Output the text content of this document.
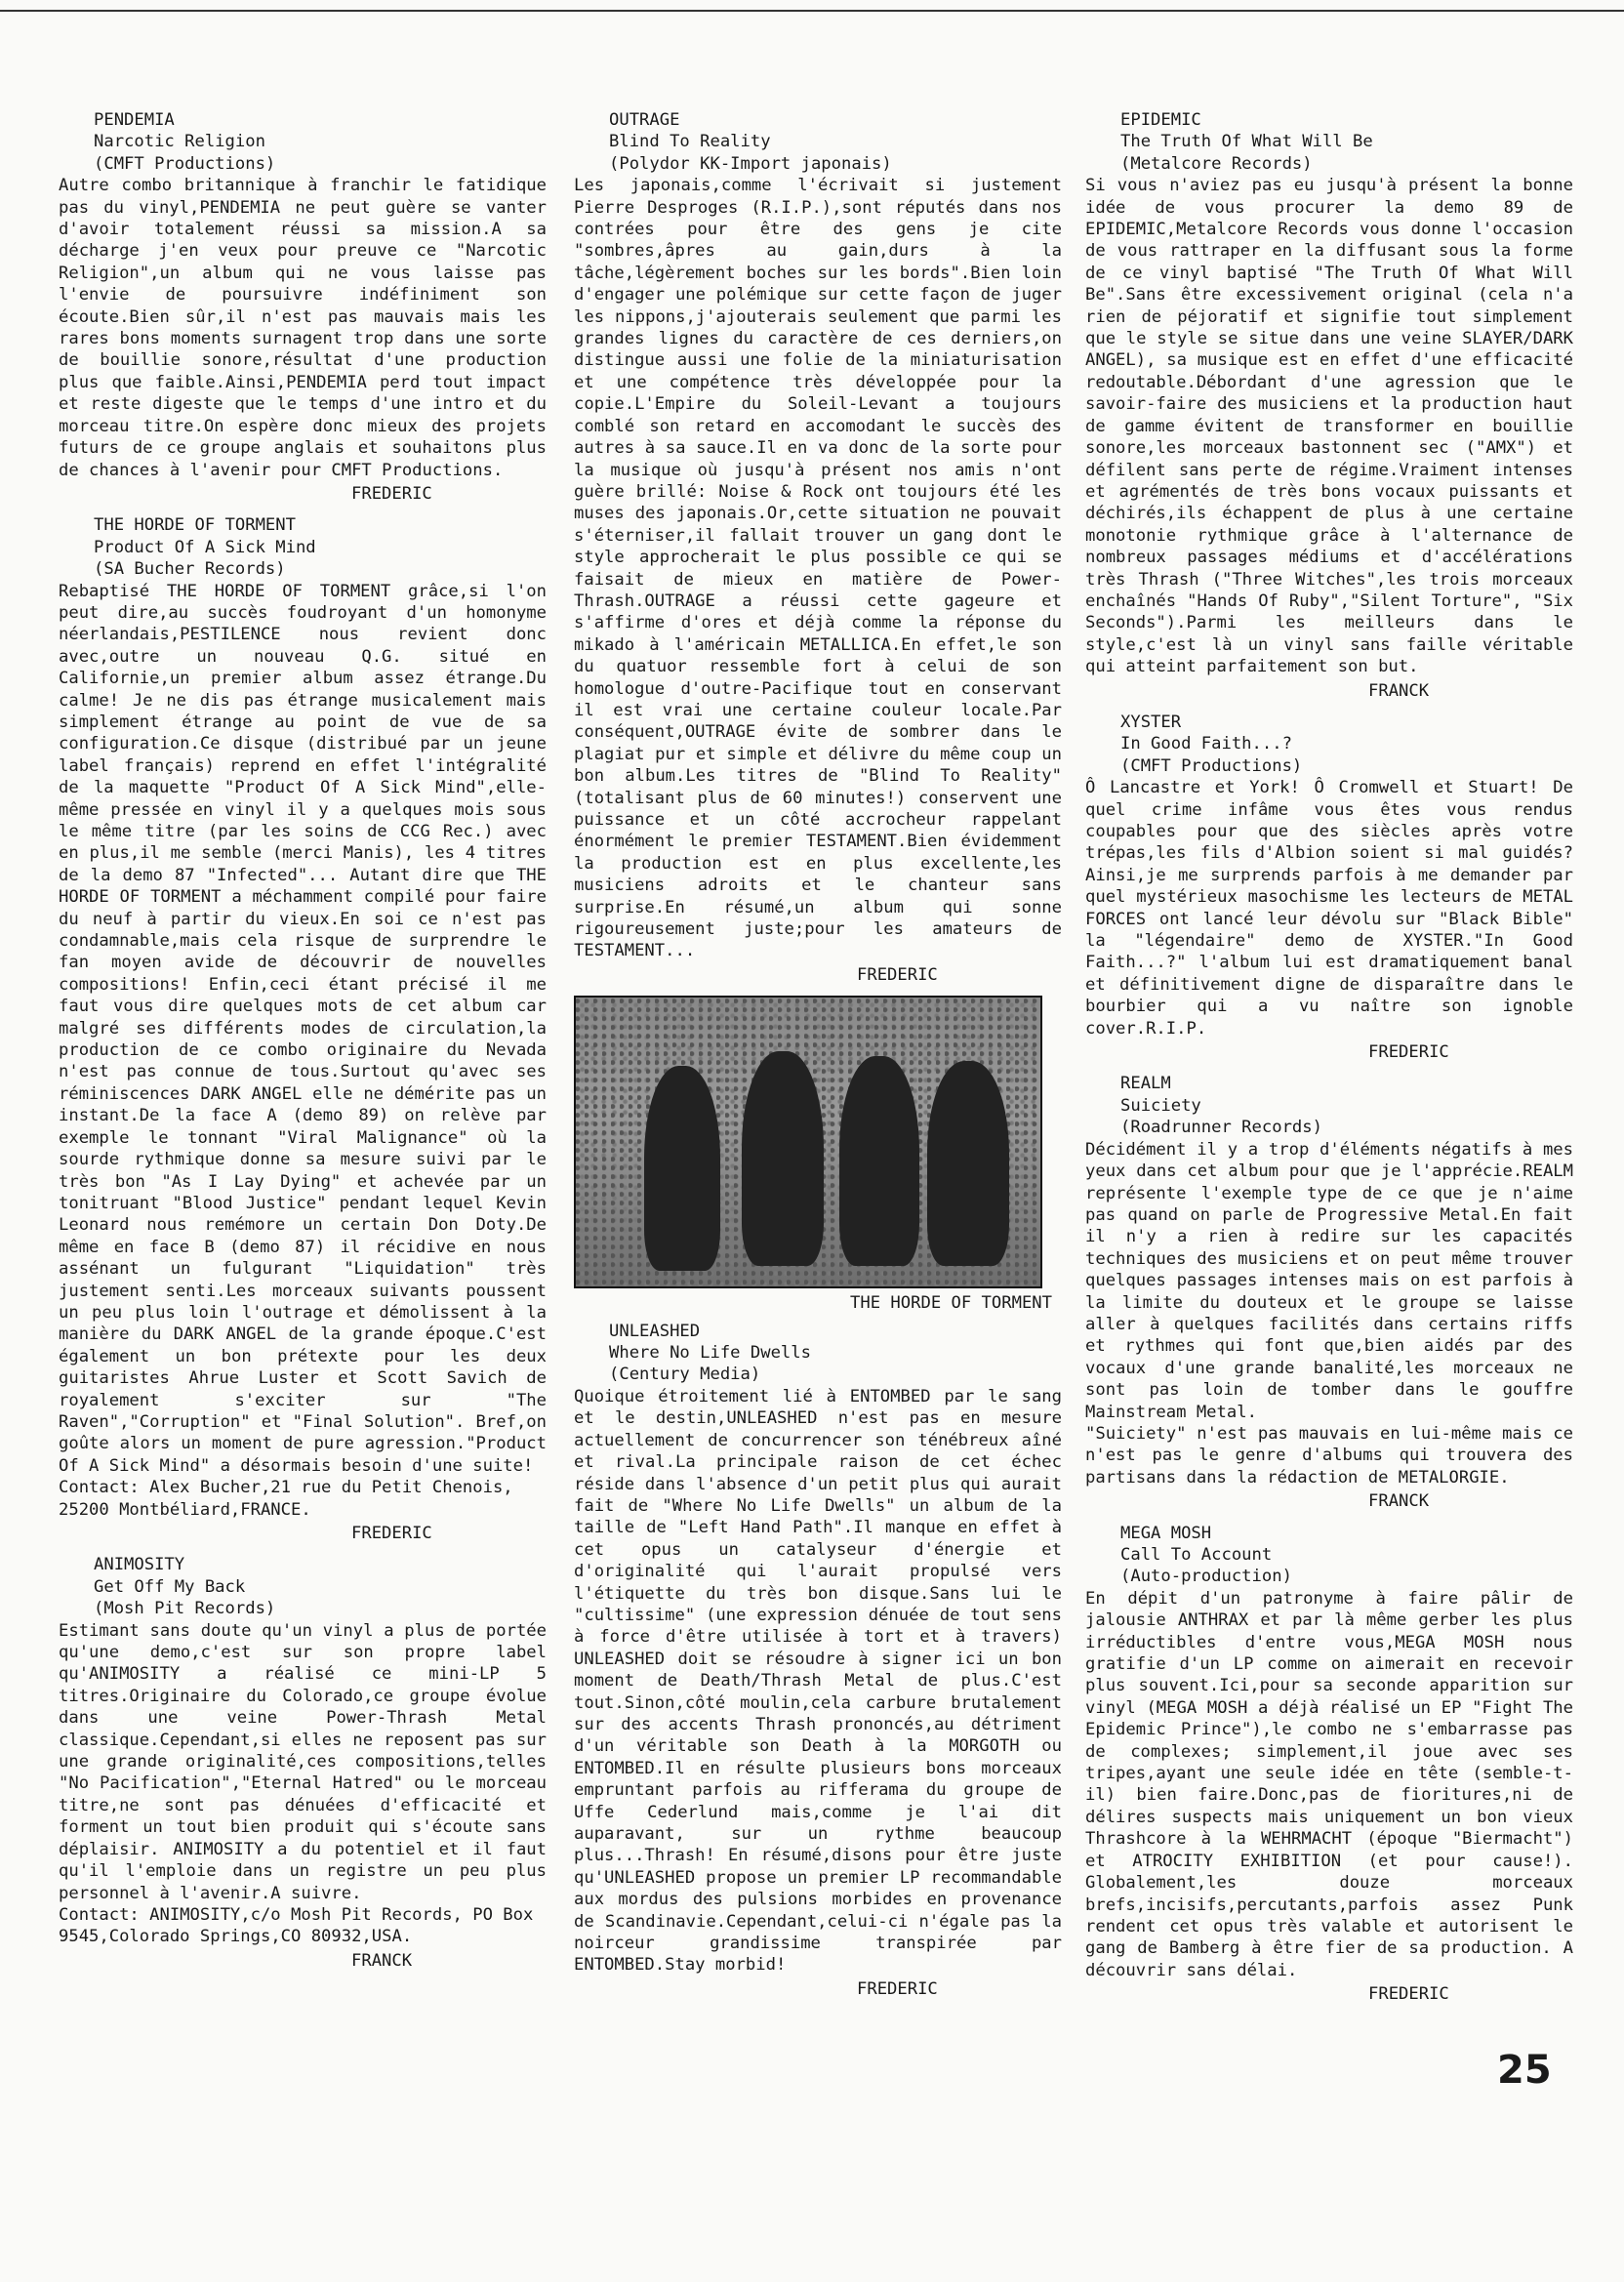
PENDEMIA
Narcotic Religion
(CMFT Productions)
Autre combo britannique à franchir le fatidique pas du vinyl,PENDEMIA ne peut guère se vanter d'avoir totalement réussi sa mission.A sa décharge j'en veux pour preuve ce "Narcotic Religion",un album qui ne vous laisse pas l'envie de poursuivre indéfiniment son écoute.Bien sûr,il n'est pas mauvais mais les rares bons moments surnagent trop dans une sorte de bouillie sonore,résultat d'une production plus que faible.Ainsi,PENDEMIA perd tout impact et reste digeste que le temps d'une intro et du morceau titre.On espère donc mieux des projets futurs de ce groupe anglais et souhaitons plus de chances à l'avenir pour CMFT Productions.
FREDERIC
THE HORDE OF TORMENT
Product Of A Sick Mind
(SA Bucher Records)
Rebaptisé THE HORDE OF TORMENT grâce,si l'on peut dire,au succès foudroyant d'un homonyme néerlandais,PESTILENCE nous revient donc avec,outre un nouveau Q.G. situé en Californie,un premier album assez étrange.Du calme! Je ne dis pas étrange musicalement mais simplement étrange au point de vue de sa configuration.Ce disque (distribué par un jeune label français) reprend en effet l'intégralité de la maquette "Product Of A Sick Mind",elle-même pressée en vinyl il y a quelques mois sous le même titre (par les soins de CCG Rec.) avec en plus,il me semble (merci Manis), les 4 titres de la demo 87 "Infected"... Autant dire que THE HORDE OF TORMENT a méchamment compilé pour faire du neuf à partir du vieux.En soi ce n'est pas condamnable,mais cela risque de surprendre le fan moyen avide de découvrir de nouvelles compositions! Enfin,ceci étant précisé il me faut vous dire quelques mots de cet album car malgré ses différents modes de circulation,la production de ce combo originaire du Nevada n'est pas connue de tous.Surtout qu'avec ses réminiscences DARK ANGEL elle ne démérite pas un instant.De la face A (demo 89) on relève par exemple le tonnant "Viral Malignance" où la sourde rythmique donne sa mesure suivi par le très bon "As I Lay Dying" et achevée par un tonitruant "Blood Justice" pendant lequel Kevin Leonard nous remémore un certain Don Doty.De même en face B (demo 87) il récidive en nous assénant un fulgurant "Liquidation" très justement senti.Les morceaux suivants poussent un peu plus loin l'outrage et démolissent à la manière du DARK ANGEL de la grande époque.C'est également un bon prétexte pour les deux guitaristes Ahrue Luster et Scott Savich de royalement s'exciter sur "The Raven","Corruption" et "Final Solution". Bref,on goûte alors un moment de pure agression."Product Of A Sick Mind" a désormais besoin d'une suite!
Contact: Alex Bucher,21 rue du Petit Chenois, 25200 Montbéliard,FRANCE.
FREDERIC
ANIMOSITY
Get Off My Back
(Mosh Pit Records)
Estimant sans doute qu'un vinyl a plus de portée qu'une demo,c'est sur son propre label qu'ANIMOSITY a réalisé ce mini-LP 5 titres.Originaire du Colorado,ce groupe évolue dans une veine Power-Thrash Metal classique.Cependant,si elles ne reposent pas sur une grande originalité,ces compositions,telles "No Pacification","Eternal Hatred" ou le morceau titre,ne sont pas dénuées d'efficacité et forment un tout bien produit qui s'écoute sans déplaisir. ANIMOSITY a du potentiel et il faut qu'il l'emploie dans un registre un peu plus personnel à l'avenir.A suivre.
Contact: ANIMOSITY,c/o Mosh Pit Records, PO Box 9545,Colorado Springs,CO 80932,USA.
FRANCK
OUTRAGE
Blind To Reality
(Polydor KK-Import japonais)
Les japonais,comme l'écrivait si justement Pierre Desproges (R.I.P.),sont réputés dans nos contrées pour être des gens je cite "sombres,âpres au gain,durs à la tâche,légèrement boches sur les bords".Bien loin d'engager une polémique sur cette façon de juger les nippons,j'ajouterais seulement que parmi les grandes lignes du caractère de ces derniers,on distingue aussi une folie de la miniaturisation et une compétence très développée pour la copie.L'Empire du Soleil-Levant a toujours comblé son retard en accomodant le succès des autres à sa sauce.Il en va donc de la sorte pour la musique où jusqu'à présent nos amis n'ont guère brillé: Noise & Rock ont toujours été les muses des japonais.Or,cette situation ne pouvait s'éterniser,il fallait trouver un gang dont le style approcherait le plus possible ce qui se faisait de mieux en matière de Power-Thrash.OUTRAGE a réussi cette gageure et s'affirme d'ores et déjà comme la réponse du mikado à l'américain METALLICA.En effet,le son du quatuor ressemble fort à celui de son homologue d'outre-Pacifique tout en conservant il est vrai une certaine couleur locale.Par conséquent,OUTRAGE évite de sombrer dans le plagiat pur et simple et délivre du même coup un bon album.Les titres de "Blind To Reality" (totalisant plus de 60 minutes!) conservent une puissance et un côté accrocheur rappelant énormément le premier TESTAMENT.Bien évidemment la production est en plus excellente,les musiciens adroits et le chanteur sans surprise.En résumé,un album qui sonne rigoureusement juste;pour les amateurs de TESTAMENT...
FREDERIC
THE HORDE OF TORMENT
UNLEASHED
Where No Life Dwells
(Century Media)
Quoique étroitement lié à ENTOMBED par le sang et le destin,UNLEASHED n'est pas en mesure actuellement de concurrencer son ténébreux aîné et rival.La principale raison de cet échec réside dans l'absence d'un petit plus qui aurait fait de "Where No Life Dwells" un album de la taille de "Left Hand Path".Il manque en effet à cet opus un catalyseur d'énergie et d'originalité qui l'aurait propulsé vers l'étiquette du très bon disque.Sans lui le "cultissime" (une expression dénuée de tout sens à force d'être utilisée à tort et à travers) UNLEASHED doit se résoudre à signer ici un bon moment de Death/Thrash Metal de plus.C'est tout.Sinon,côté moulin,cela carbure brutalement sur des accents Thrash prononcés,au détriment d'un véritable son Death à la MORGOTH ou ENTOMBED.Il en résulte plusieurs bons morceaux empruntant parfois au rifferama du groupe de Uffe Cederlund mais,comme je l'ai dit auparavant, sur un rythme beaucoup plus...Thrash! En résumé,disons pour être juste qu'UNLEASHED propose un premier LP recommandable aux mordus des pulsions morbides en provenance de Scandinavie.Cependant,celui-ci n'égale pas la noirceur grandissime transpirée par ENTOMBED.Stay morbid!
FREDERIC
EPIDEMIC
The Truth Of What Will Be
(Metalcore Records)
Si vous n'aviez pas eu jusqu'à présent la bonne idée de vous procurer la demo 89 de EPIDEMIC,Metalcore Records vous donne l'occasion de vous rattraper en la diffusant sous la forme de ce vinyl baptisé "The Truth Of What Will Be".Sans être excessivement original (cela n'a rien de péjoratif et signifie tout simplement que le style se situe dans une veine SLAYER/DARK ANGEL), sa musique est en effet d'une efficacité redoutable.Débordant d'une agression que le savoir-faire des musiciens et la production haut de gamme évitent de transformer en bouillie sonore,les morceaux bastonnent sec ("AMX") et défilent sans perte de régime.Vraiment intenses et agrémentés de très bons vocaux puissants et déchirés,ils échappent de plus à une certaine monotonie rythmique grâce à l'alternance de nombreux passages médiums et d'accélérations très Thrash ("Three Witches",les trois morceaux enchaînés "Hands Of Ruby","Silent Torture", "Six Seconds").Parmi les meilleurs dans le style,c'est là un vinyl sans faille véritable qui atteint parfaitement son but.
FRANCK
XYSTER
In Good Faith...?
(CMFT Productions)
Ô Lancastre et York! Ô Cromwell et Stuart! De quel crime infâme vous êtes vous rendus coupables pour que des siècles après votre trépas,les fils d'Albion soient si mal guidés? Ainsi,je me surprends parfois à me demander par quel mystérieux masochisme les lecteurs de METAL FORCES ont lancé leur dévolu sur "Black Bible" la "légendaire" demo de XYSTER."In Good Faith...?" l'album lui est dramatiquement banal et définitivement digne de disparaître dans le bourbier qui a vu naître son ignoble cover.R.I.P.
FREDERIC
REALM
Suiciety
(Roadrunner Records)
Décidément il y a trop d'éléments négatifs à mes yeux dans cet album pour que je l'apprécie.REALM représente l'exemple type de ce que je n'aime pas quand on parle de Progressive Metal.En fait il n'y a rien à redire sur les capacités techniques des musiciens et on peut même trouver quelques passages intenses mais on est parfois à la limite du douteux et le groupe se laisse aller à quelques facilités dans certains riffs et rythmes qui font que,bien aidés par des vocaux d'une grande banalité,les morceaux ne sont pas loin de tomber dans le gouffre Mainstream Metal.
"Suiciety" n'est pas mauvais en lui-même mais ce n'est pas le genre d'albums qui trouvera des partisans dans la rédaction de METALORGIE.
FRANCK
MEGA MOSH
Call To Account
(Auto-production)
En dépit d'un patronyme à faire pâlir de jalousie ANTHRAX et par là même gerber les plus irréductibles d'entre vous,MEGA MOSH nous gratifie d'un LP comme on aimerait en recevoir plus souvent.Ici,pour sa seconde apparition sur vinyl (MEGA MOSH a déjà réalisé un EP "Fight The Epidemic Prince"),le combo ne s'embarrasse pas de complexes; simplement,il joue avec ses tripes,ayant une seule idée en tête (semble-t-il) bien faire.Donc,pas de fioritures,ni de délires suspects mais uniquement un bon vieux Thrashcore à la WEHRMACHT (époque "Biermacht") et ATROCITY EXHIBITION (et pour cause!). Globalement,les douze morceaux brefs,incisifs,percutants,parfois assez Punk rendent cet opus très valable et autorisent le gang de Bamberg à être fier de sa production. A découvrir sans délai.
FREDERIC
25
